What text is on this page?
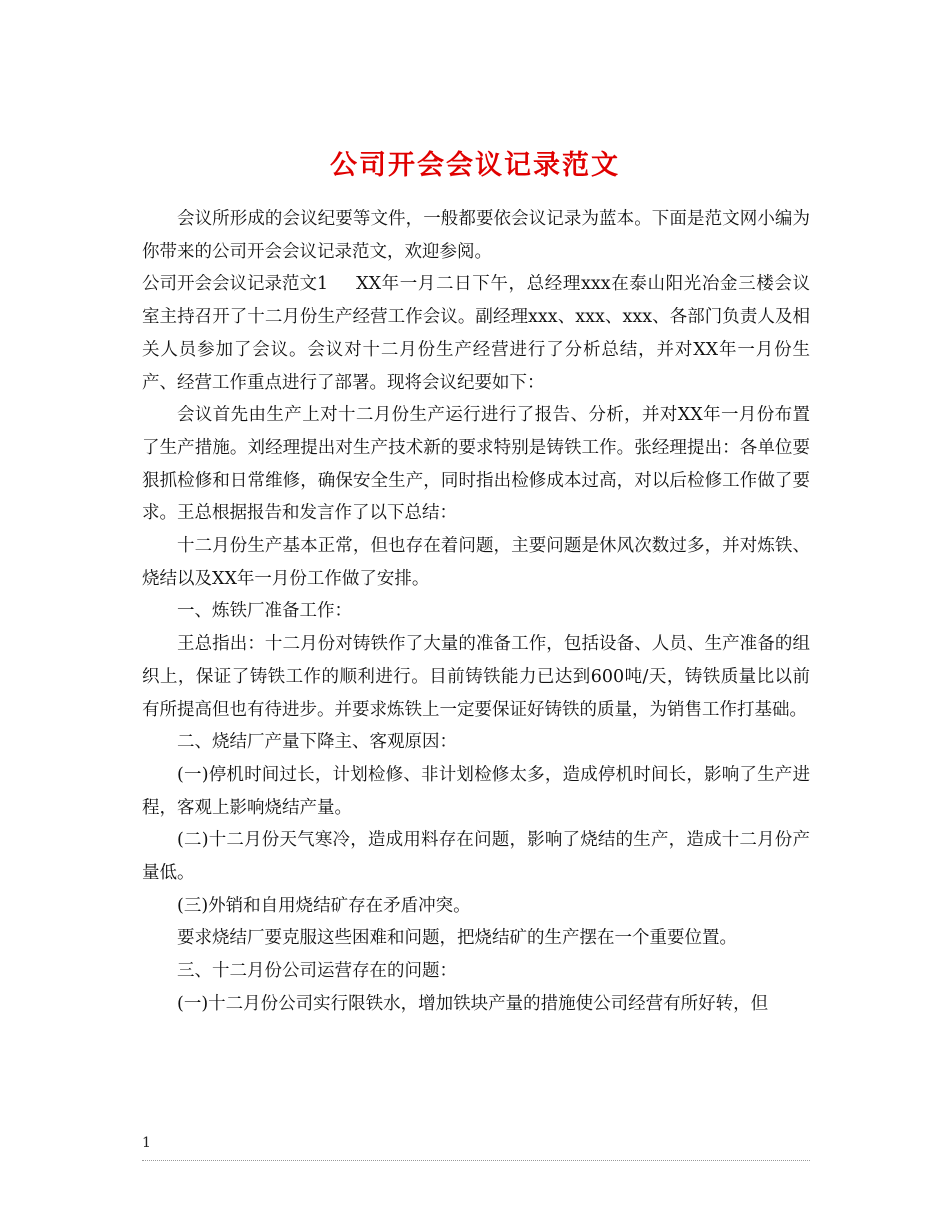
公司开会会议记录范文

会议所形成的会议纪要等文件，一般都要依会议记录为蓝本。下面是范文网小编为你带来的公司开会会议记录范文，欢迎参阅。

公司开会会议记录范文1 XX年一月二日下午，总经理xxx在泰山阳光冶金三楼会议室主持召开了十二月份生产经营工作会议。副经理xxx、xxx、xxx、各部门负责人及相关人员参加了会议。会议对十二月份生产经营进行了分析总结，并对XX年一月份生产、经营工作重点进行了部署。现将会议纪要如下：

会议首先由生产上对十二月份生产运行进行了报告、分析，并对XX年一月份布置了生产措施。刘经理提出对生产技术新的要求特别是铸铁工作。张经理提出：各单位要狠抓检修和日常维修，确保安全生产，同时指出检修成本过高，对以后检修工作做了要求。王总根据报告和发言作了以下总结：

十二月份生产基本正常，但也存在着问题，主要问题是休风次数过多，并对炼铁、烧结以及XX年一月份工作做了安排。

一、炼铁厂准备工作：

王总指出：十二月份对铸铁作了大量的准备工作，包括设备、人员、生产准备的组织上，保证了铸铁工作的顺利进行。目前铸铁能力已达到600吨/天，铸铁质量比以前有所提高但也有待进步。并要求炼铁上一定要保证好铸铁的质量，为销售工作打基础。

二、烧结厂产量下降主、客观原因：

(一)停机时间过长，计划检修、非计划检修太多，造成停机时间长，影响了生产进程，客观上影响烧结产量。

(二)十二月份天气寒冷，造成用料存在问题，影响了烧结的生产，造成十二月份产量低。

(三)外销和自用烧结矿存在矛盾冲突。

要求烧结厂要克服这些困难和问题，把烧结矿的生产摆在一个重要位置。

三、十二月份公司运营存在的问题：

(一)十二月份公司实行限铁水，增加铁块产量的措施使公司经营有所好转，但

1
